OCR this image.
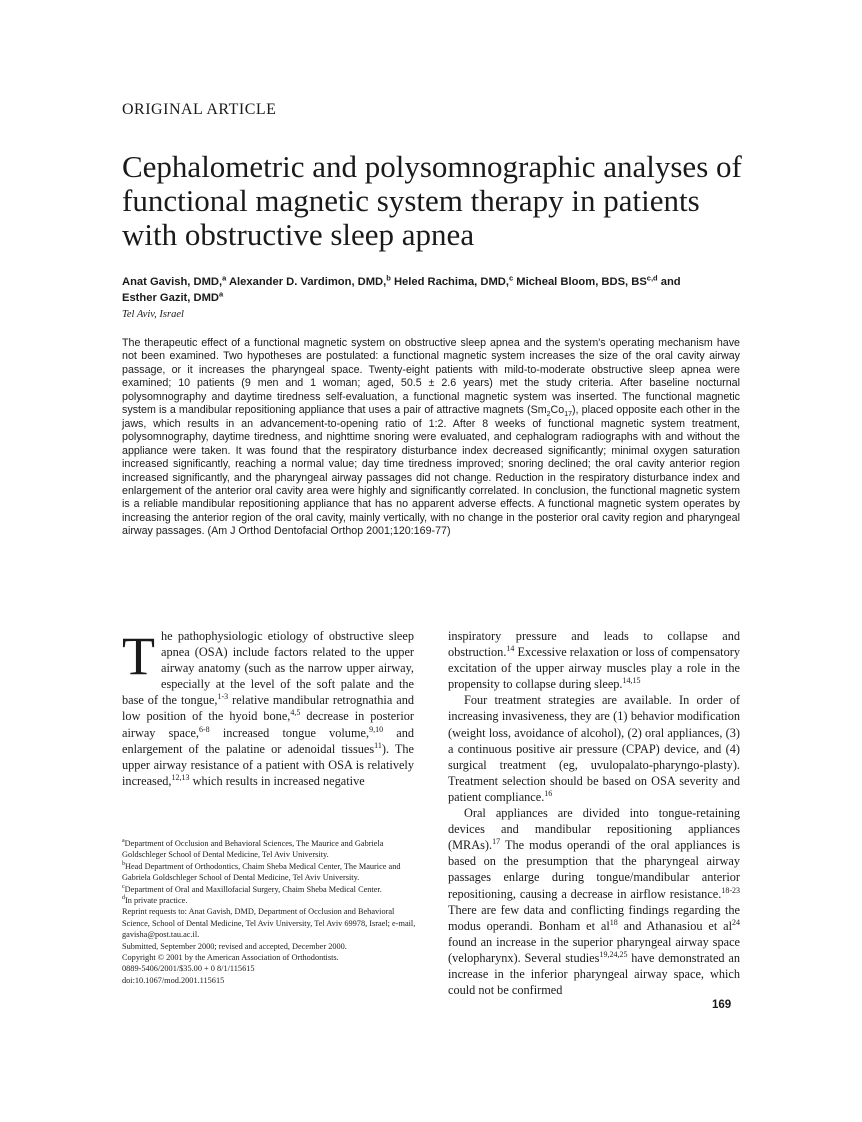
ORIGINAL ARTICLE
Cephalometric and polysomnographic analyses of functional magnetic system therapy in patients with obstructive sleep apnea
Anat Gavish, DMD,$^a$ Alexander D. Vardimon, DMD,$^b$ Heled Rachima, DMD,$^c$ Micheal Bloom, BDS, BS$^{c,d}$ and
Esther Gazit, DMD$^a$
Tel Aviv, Israel

The therapeutic effect of a functional magnetic system on obstructive sleep apnea and the system's operating mechanism have not been examined. Two hypotheses are postulated: a functional magnetic system increases the size of the oral cavity airway passage, or it increases the pharyngeal space. Twenty-eight patients with mild-to-moderate obstructive sleep apnea were examined; 10 patients (9 men and 1 woman; aged, 50.5 ± 2.6 years) met the study criteria. After baseline nocturnal polysomnography and daytime tiredness self-evaluation, a functional magnetic system was inserted. The functional magnetic system is a mandibular repositioning appliance that uses a pair of attractive magnets $(Sm_2Co_{17})$, placed opposite each other in the jaws, which results in an advancement-to-opening ratio of 1:2. After 8 weeks of functional magnetic system treatment, polysomnography, daytime tiredness, and nighttime snoring were evaluated, and cephalogram radiographs with and without the appliance were taken. It was found that the respiratory disturbance index decreased significantly; minimal oxygen saturation increased significantly, reaching a normal value; day time tiredness improved; snoring declined; the oral cavity anterior region increased significantly, and the pharyngeal airway passages did not change. Reduction in the respiratory disturbance index and enlargement of the anterior oral cavity area were highly and significantly correlated. In conclusion, the functional magnetic system is a reliable mandibular repositioning appliance that has no apparent adverse effects. A functional magnetic system operates by increasing the anterior region of the oral cavity, mainly vertically, with no change in the posterior oral cavity region and pharyngeal airway passages. (Am J Orthod Dentofacial Orthop 2001;120:169-77)

The pathophysiologic etiology of obstructive sleep apnea (OSA) include factors related to the upper airway anatomy (such as the narrow upper airway, especially at the level of the soft palate and the base of the tongue,$^{1-3}$ relative mandibular retrognathia and low position of the hyoid bone,$^{4,5}$ decrease in posterior airway space,$^{6-8}$ increased tongue volume,$^{9,10}$ and enlargement of the palatine or adenoidal tissues$^{11}$). The upper airway resistance of a patient with OSA is relatively increased,$^{12,13}$ which results in increased negative

inspiratory pressure and leads to collapse and obstruction.$^{14}$ Excessive relaxation or loss of compensatory excitation of the upper airway muscles play a role in the propensity to collapse during sleep.$^{14,15}$

Four treatment strategies are available. In order of increasing invasiveness, they are (1) behavior modification (weight loss, avoidance of alcohol), (2) oral appliances, (3) a continuous positive air pressure (CPAP) device, and (4) surgical treatment (eg, uvulopalato-pharyngo-plasty). Treatment selection should be based on OSA severity and patient compliance.$^{16}$

Oral appliances are divided into tongue-retaining devices and mandibular repositioning appliances (MRAs).$^{17}$ The modus operandi of the oral appliances is based on the presumption that the pharyngeal airway passages enlarge during tongue/mandibular anterior repositioning, causing a decrease in airflow resistance.$^{18-23}$ There are few data and conflicting findings regarding the modus operandi. Bonham et $al^{18}$ and Athanasiou et $al^{24}$ found an increase in the superior pharyngeal airway space (velopharynx). Several studies$^{19,24,25}$ have demonstrated an increase in the inferior pharyngeal airway space, which could not be confirmed

$^a$Department of Occlusion and Behavioral Sciences, The Maurice and Gabriela Goldschleger School of Dental Medicine, Tel Aviv University.
$^b$Head Department of Orthodontics, Chaim Sheba Medical Center, The Maurice and Gabriela Goldschleger School of Dental Medicine, Tel Aviv University.
$^c$Department of Oral and Maxillofacial Surgery, Chaim Sheba Medical Center.
$^d$In private practice.
Reprint requests to: Anat Gavish, DMD, Department of Occlusion and Behavioral Science, School of Dental Medicine, Tel Aviv University, Tel Aviv 69978, Israel; e-mail, gavisha@post.tau.ac.il.
Submitted, September 2000; revised and accepted, December 2000.
Copyright © 2001 by the American Association of Orthodontists.
0889-5406/2001/$35.00 + 0 8/1/115615
doi:10.1067/mod.2001.115615
169
